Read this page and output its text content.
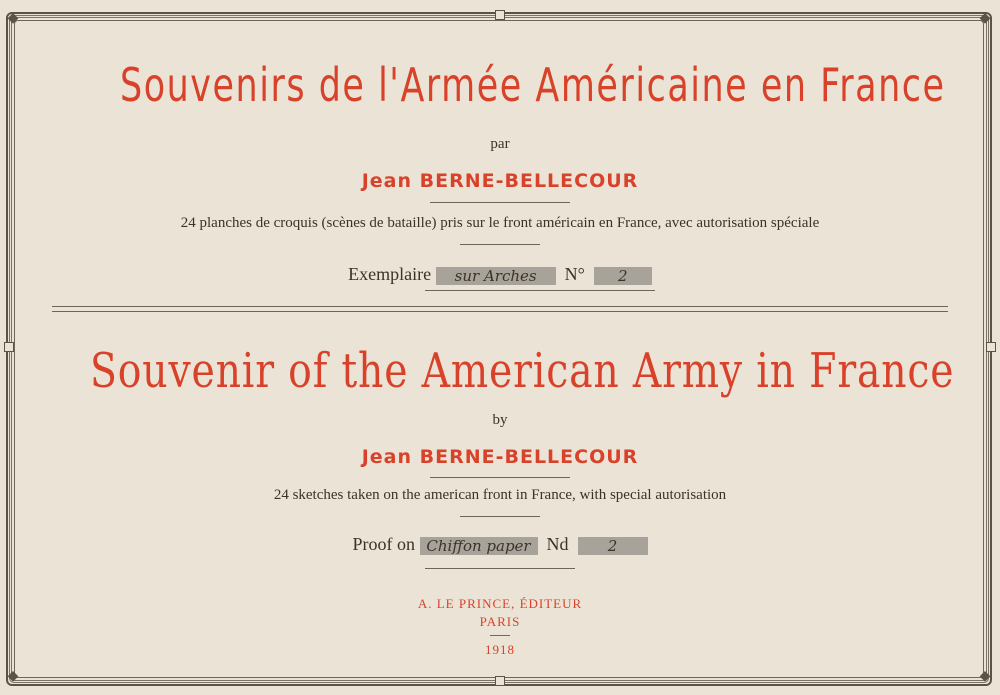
◆	◆
◆	◆
Souvenirs de l'Armée Américaine en France
par
Jean BERNE-BELLECOUR
24 planches de croquis (scènes de bataille) pris sur le front américain en France, avec autorisation spéciale
Exemplaire sur Arches N° 2
Souvenir of the American Army in France
by
Jean BERNE-BELLECOUR
24 sketches taken on the american front in France, with special autorisation
Proof on Chiffon paper Nd	2
A. LE PRINCE, ÉDITEUR
PARIS
1918
